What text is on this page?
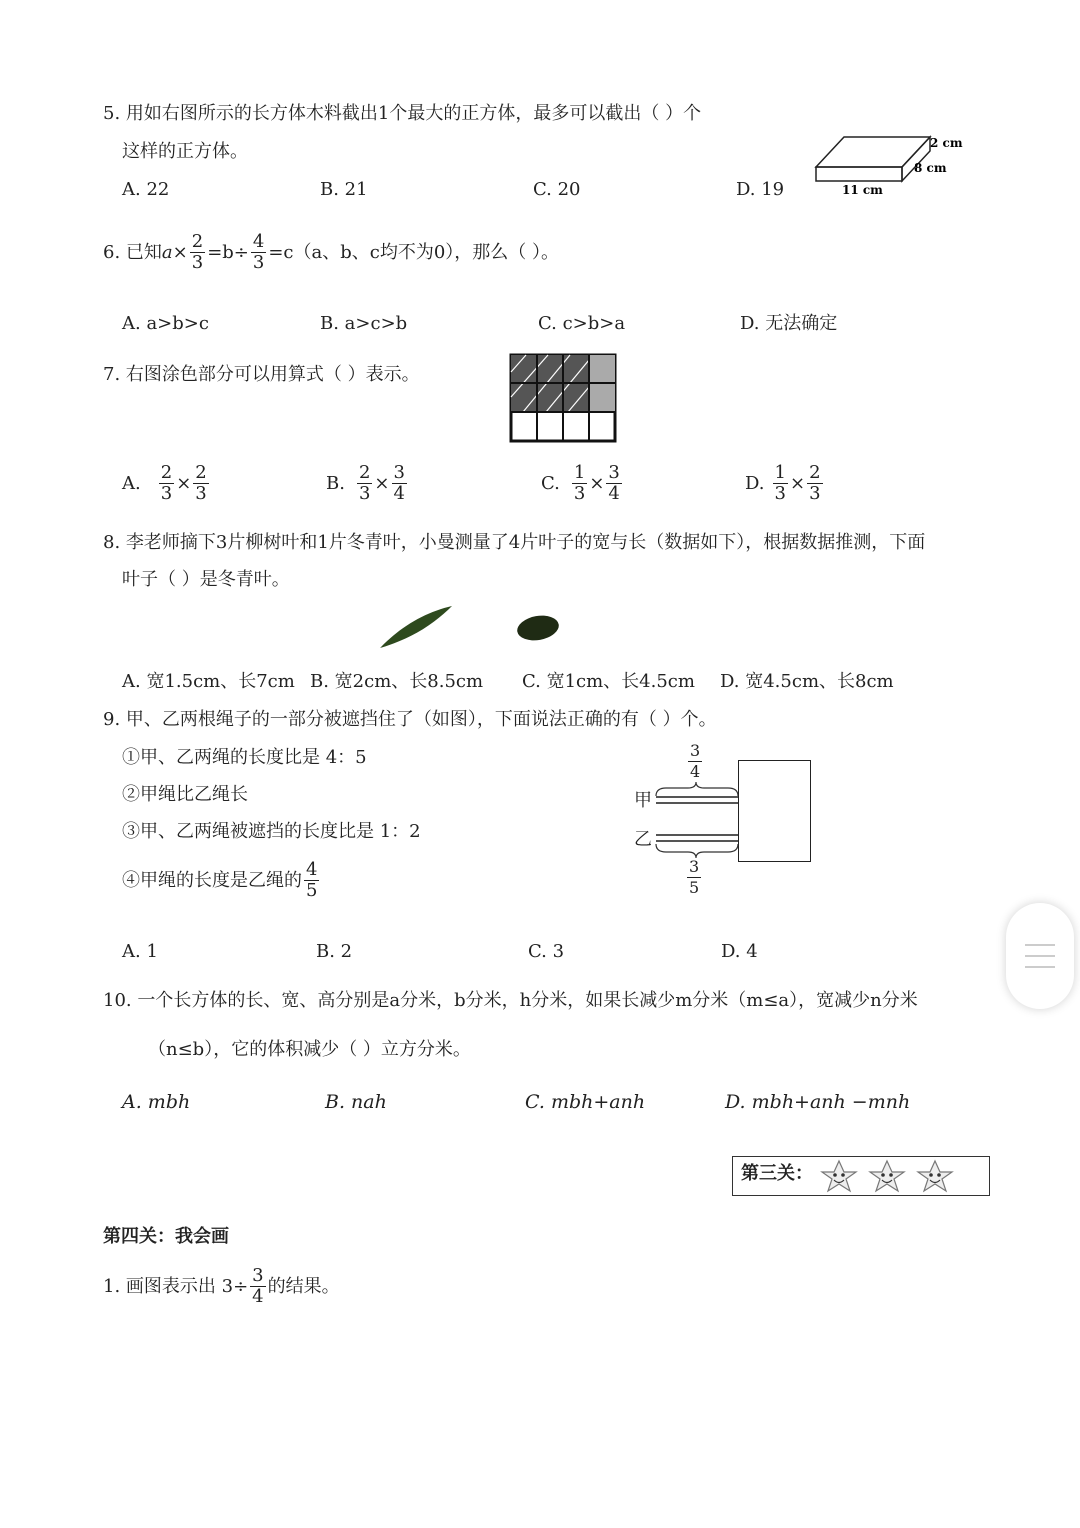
5. 用如右图所示的长方体木料截出1个最大的正方体，最多可以截出（ ）个
这样的正方体。
A. 22	B. 21	C. 20	D. 19
2 cm
8 cm
11 cm
6. 已知 $a \times \frac{2}{3} =b\div \frac{4}{3} =c(a$、b、c均不为0），那么（ ）。
A. a>b>c	B. a>c>b	C. c>b>a	D. 无法确定
7. 右图涂色部分可以用算式（ ）表示。
A. $\frac{2}{3} \times \frac{2}{3}$	B. $\frac{2}{3} \times \frac{3}{4}$	C. $\frac{1}{3} \times \frac{3}{4}$	D. $\frac{1}{3} \times \frac{2}{3}$
8. 李老师摘下3片柳树叶和1片冬青叶，小曼测量了4片叶子的宽与长（数据如下），根据数据推测，下面
叶子（ ）是冬青叶。
A. 宽1.5cm、长7cm B. 宽2cm、长8.5cm C. 宽1cm、长4.5cm D. 宽4.5cm、长8cm
9. 甲、乙两根绳子的一部分被遮挡住了（如图），下面说法正确的有（ ）个。
①甲、乙两绳的长度比是 4：5
②甲绳比乙绳长
③甲、乙两绳被遮挡的长度比是 1：2
④甲绳的长度是乙绳的 $\frac{4}{5}$
$\frac{3}{4}$
甲
乙
$\frac{3}{5}$
A. 1	B. 2	C. 3	D. 4
10. 一个长方体的长、宽、高分别是a分米，b分米，h分米，如果长减少m分米（m≤a），宽减少n分米
（n≤b），它的体积减少（ ）立方分米。
A. mbh	B. nah	C. mbh+anh	D. mbh+anh −mnh
第三关：
第四关：我会画
1. 画图表示出 $3\div \frac{3}{4}$ 的结果。
